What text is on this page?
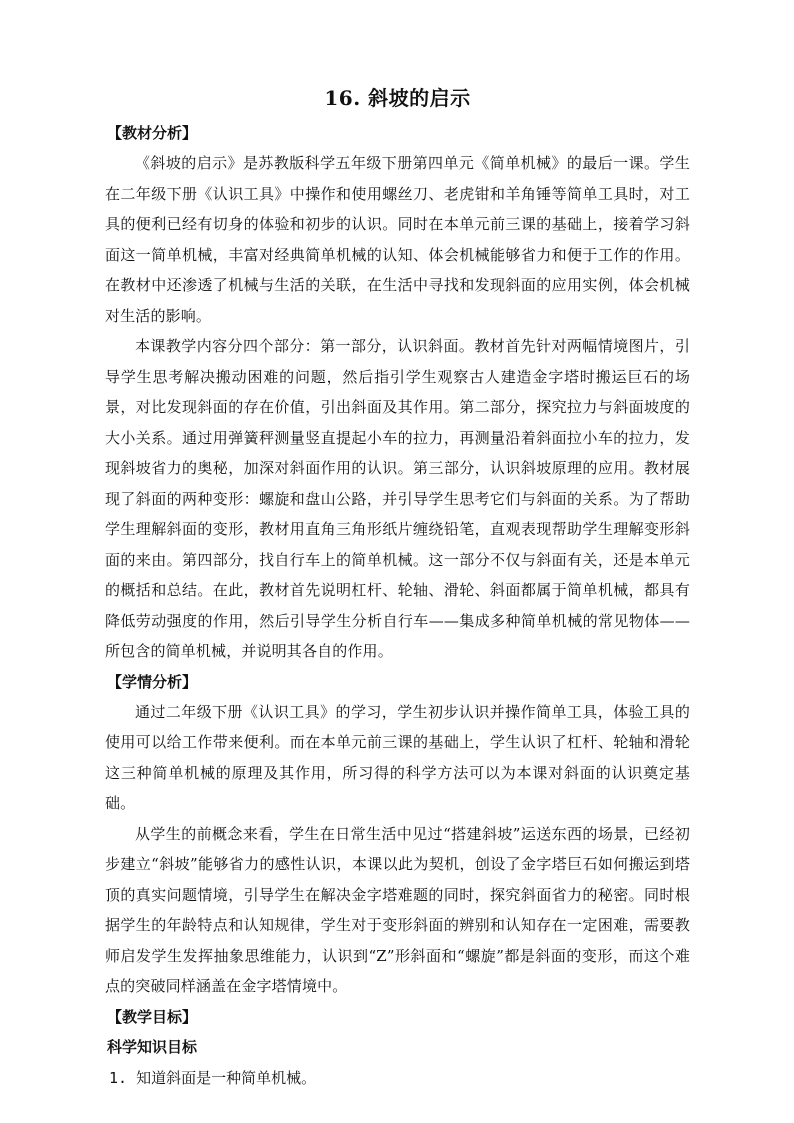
16. 斜坡的启示

【教材分析】

《斜坡的启示》是苏教版科学五年级下册第四单元《简单机械》的最后一课。学生在二年级下册《认识工具》中操作和使用螺丝刀、老虎钳和羊角锤等简单工具时，对工具的便利已经有切身的体验和初步的认识。同时在本单元前三课的基础上，接着学习斜面这一简单机械，丰富对经典简单机械的认知、体会机械能够省力和便于工作的作用。在教材中还渗透了机械与生活的关联，在生活中寻找和发现斜面的应用实例，体会机械对生活的影响。

本课教学内容分四个部分：第一部分，认识斜面。教材首先针对两幅情境图片，引导学生思考解决搬动困难的问题，然后指引学生观察古人建造金字塔时搬运巨石的场景，对比发现斜面的存在价值，引出斜面及其作用。第二部分，探究拉力与斜面坡度的大小关系。通过用弹簧秤测量竖直提起小车的拉力，再测量沿着斜面拉小车的拉力，发现斜坡省力的奥秘，加深对斜面作用的认识。第三部分，认识斜坡原理的应用。教材展现了斜面的两种变形：螺旋和盘山公路，并引导学生思考它们与斜面的关系。为了帮助学生理解斜面的变形，教材用直角三角形纸片缠绕铅笔，直观表现帮助学生理解变形斜面的来由。第四部分，找自行车上的简单机械。这一部分不仅与斜面有关，还是本单元的概括和总结。在此，教材首先说明杠杆、轮轴、滑轮、斜面都属于简单机械，都具有降低劳动强度的作用，然后引导学生分析自行车——集成多种简单机械的常见物体——所包含的简单机械，并说明其各自的作用。

【学情分析】

通过二年级下册《认识工具》的学习，学生初步认识并操作简单工具，体验工具的使用可以给工作带来便利。而在本单元前三课的基础上，学生认识了杠杆、轮轴和滑轮这三种简单机械的原理及其作用，所习得的科学方法可以为本课对斜面的认识奠定基础。

从学生的前概念来看，学生在日常生活中见过“搭建斜坡”运送东西的场景，已经初步建立“斜坡”能够省力的感性认识，本课以此为契机，创设了金字塔巨石如何搬运到塔顶的真实问题情境，引导学生在解决金字塔难题的同时，探究斜面省力的秘密。同时根据学生的年龄特点和认知规律，学生对于变形斜面的辨别和认知存在一定困难，需要教师启发学生发挥抽象思维能力，认识到“Z”形斜面和“螺旋”都是斜面的变形，而这个难点的突破同样涵盖在金字塔情境中。

【教学目标】

科学知识目标

1. 知道斜面是一种简单机械。
